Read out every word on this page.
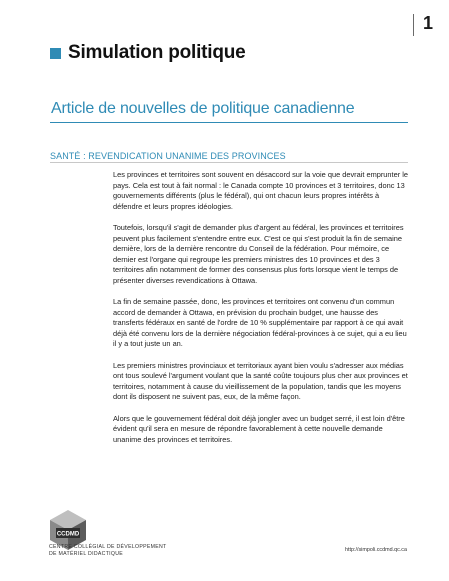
1
Simulation politique
Article de nouvelles de politique canadienne
SANTÉ : REVENDICATION UNANIME DES PROVINCES

Les provinces et territoires sont souvent en désaccord sur la voie que devrait emprunter le pays. Cela est tout à fait normal : le Canada compte 10 provinces et 3 territoires, donc 13 gouvernements différents (plus le fédéral), qui ont chacun leurs propres intérêts à défendre et leurs propres idéologies.

Toutefois, lorsqu'il s'agit de demander plus d'argent au fédéral, les provinces et territoires peuvent plus facilement s'entendre entre eux. C'est ce qui s'est produit la fin de semaine dernière, lors de la dernière rencontre du Conseil de la fédération. Pour mémoire, ce dernier est l'organe qui regroupe les premiers ministres des 10 provinces et des 3 territoires afin notamment de former des consensus plus forts lorsque vient le temps de présenter diverses revendications à Ottawa.

La fin de semaine passée, donc, les provinces et territoires ont convenu d'un commun accord de demander à Ottawa, en prévision du prochain budget, une hausse des transferts fédéraux en santé de l'ordre de 10 % supplémentaire par rapport à ce qui avait déjà été convenu lors de la dernière négociation fédéral-provinces à ce sujet, qui a eu lieu il y a tout juste un an.

Les premiers ministres provinciaux et territoriaux ayant bien voulu s'adresser aux médias ont tous soulevé l'argument voulant que la santé coûte toujours plus cher aux provinces et territoires, notamment à cause du vieillissement de la population, tandis que les moyens dont ils disposent ne suivent pas, eux, de la même façon.

Alors que le gouvernement fédéral doit déjà jongler avec un budget serré, il est loin d'être évident qu'il sera en mesure de répondre favorablement à cette nouvelle demande unanime des provinces et territoires.

CCDMD
CENTRE COLLÉGIAL DE DÉVELOPPEMENT
DE MATÉRIEL DIDACTIQUE
http://simpoli.ccdmd.qc.ca
